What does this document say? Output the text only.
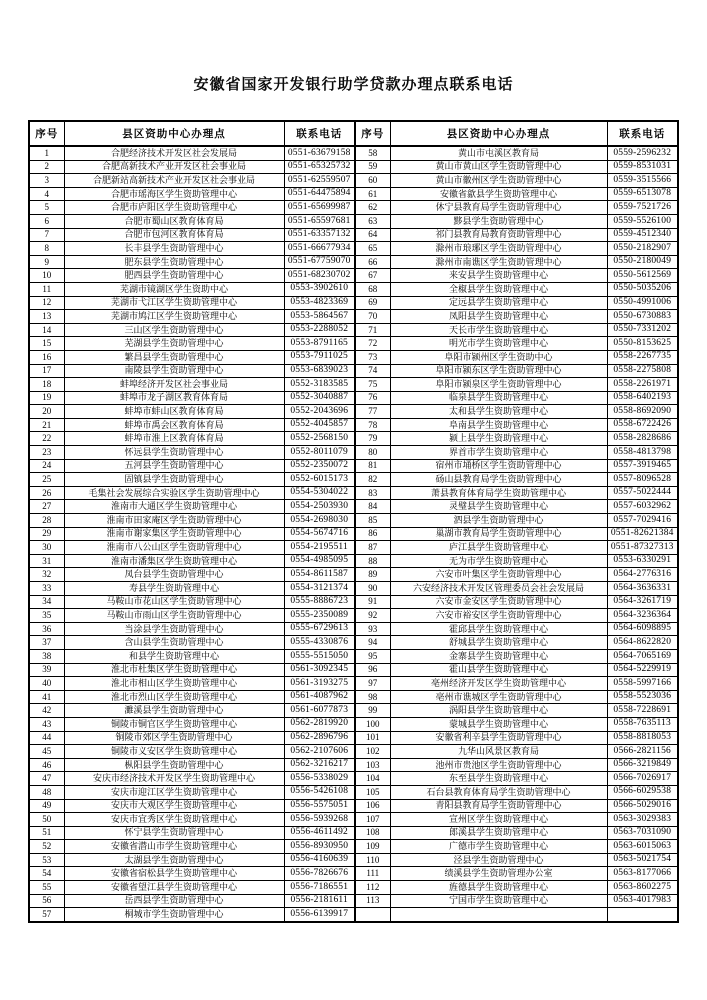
安徽省国家开发银行助学贷款办理点联系电话
序号	县区资助中心办理点	联系电话	序号	县区资助中心办理点	联系电话
1	合肥经济技术开发区社会发展局	0551-63679158	58	黄山市屯溪区教育局	0559-2596232
2	合肥高新技术产业开发区社会事业局	0551-65325732	59	黄山市黄山区学生资助管理中心	0559-8531031
3	合肥新站高新技术产业开发区社会事业局	0551-62559507	60	黄山市徽州区学生资助管理中心	0559-3515566
4	合肥市瑶海区学生资助管理中心	0551-64475894	61	安徽省歙县学生资助管理中心	0559-6513078
5	合肥市庐阳区学生资助管理中心	0551-65699987	62	休宁县教育局学生资助管理中心	0559-7521726
6	合肥市蜀山区教育体育局	0551-65597681	63	黟县学生资助管理中心	0559-5526100
7	合肥市包河区教育体育局	0551-63357132	64	祁门县教育局教育资助管理中心	0559-4512340
8	长丰县学生资助管理中心	0551-66677934	65	滁州市琅琊区学生资助管理中心	0550-2182907
9	肥东县学生资助管理中心	0551-67759070	66	滁州市南谯区学生资助管理中心	0550-2180049
10	肥西县学生资助管理中心	0551-68230702	67	来安县学生资助管理中心	0550-5612569
11	芜湖市镜湖区学生资助中心	0553-3902610	68	全椒县学生资助管理中心	0550-5035206
12	芜湖市弋江区学生资助管理中心	0553-4823369	69	定远县学生资助管理中心	0550-4991006
13	芜湖市鸠江区学生资助管理中心	0553-5864567	70	凤阳县学生资助管理中心	0550-6730883
14	三山区学生资助管理中心	0553-2288052	71	天长市学生资助管理中心	0550-7331202
15	芜湖县学生资助管理中心	0553-8791165	72	明光市学生资助管理中心	0550-8153625
16	繁昌县学生资助管理中心	0553-7911025	73	阜阳市颍州区学生资助中心	0558-2267735
17	南陵县学生资助管理中心	0553-6839023	74	阜阳市颍东区学生资助管理中心	0558-2275808
18	蚌埠经济开发区社会事业局	0552-3183585	75	阜阳市颍泉区学生资助管理中心	0558-2261971
19	蚌埠市龙子湖区教育体育局	0552-3040887	76	临泉县学生资助管理中心	0558-6402193
20	蚌埠市蚌山区教育体育局	0552-2043696	77	太和县学生资助管理中心	0558-8692090
21	蚌埠市禹会区教育体育局	0552-4045857	78	阜南县学生资助管理中心	0558-6722426
22	蚌埠市淮上区教育体育局	0552-2568150	79	颍上县学生资助管理中心	0558-2828686
23	怀远县学生资助管理中心	0552-8011079	80	界首市学生资助管理中心	0558-4813798
24	五河县学生资助管理中心	0552-2350072	81	宿州市埇桥区学生资助管理中心	0557-3919465
25	固镇县学生资助管理中心	0552-6015173	82	砀山县教育局学生资助管理中心	0557-8096528
26	毛集社会发展综合实验区学生资助管理中心	0554-5304022	83	萧县教育体育局学生资助管理中心	0557-5022444
27	淮南市大通区学生资助管理中心	0554-2503930	84	灵璧县学生资助管理中心	0557-6032962
28	淮南市田家庵区学生资助管理中心	0554-2698030	85	泗县学生资助管理中心	0557-7029416
29	淮南市谢家集区学生资助管理中心	0554-5674716	86	巢湖市教育局学生资助管理中心	0551-82621384
30	淮南市八公山区学生资助管理中心	0554-2195511	87	庐江县学生资助管理中心	0551-87327313
31	淮南市潘集区学生资助管理中心	0554-4985095	88	无为市学生资助管理中心	0553-6330291
32	凤台县学生资助管理中心	0554-8611587	89	六安市叶集区学生资助管理中心	0564-2776316
33	寿县学生资助管理中心	0554-3121374	90	六安经济技术开发区管理委员会社会发展局	0564-3636331
34	马鞍山市花山区学生资助管理中心	0555-8886723	91	六安市金安区学生资助管理中心	0564-3261719
35	马鞍山市雨山区学生资助管理中心	0555-2350089	92	六安市裕安区学生资助管理中心	0564-3236364
36	当涂县学生资助管理中心	0555-6729613	93	霍邱县学生资助管理中心	0564-6098895
37	含山县学生资助管理中心	0555-4330876	94	舒城县学生资助管理中心	0564-8622820
38	和县学生资助管理中心	0555-5515050	95	金寨县学生资助管理中心	0564-7065169
39	淮北市杜集区学生资助管理中心	0561-3092345	96	霍山县学生资助管理中心	0564-5229919
40	淮北市相山区学生资助管理中心	0561-3193275	97	亳州经济开发区学生资助管理中心	0558-5997166
41	淮北市烈山区学生资助管理中心	0561-4087962	98	亳州市谯城区学生资助管理中心	0558-5523036
42	濉溪县学生资助管理中心	0561-6077873	99	涡阳县学生资助管理中心	0558-7228691
43	铜陵市铜官区学生资助管理中心	0562-2819920	100	蒙城县学生资助管理中心	0558-7635113
44	铜陵市郊区学生资助管理中心	0562-2896796	101	安徽省利辛县学生资助管理中心	0558-8818053
45	铜陵市义安区学生资助管理中心	0562-2107606	102	九华山风景区教育局	0566-2821156
46	枞阳县学生资助管理中心	0562-3216217	103	池州市贵池区学生资助管理中心	0566-3219849
47	安庆市经济技术开发区学生资助管理中心	0556-5338029	104	东至县学生资助管理中心	0566-7026917
48	安庆市迎江区学生资助管理中心	0556-5426108	105	石台县教育体育局学生资助管理中心	0566-6029538
49	安庆市大观区学生资助管理中心	0556-5575051	106	青阳县教育局学生资助管理中心	0566-5029016
50	安庆市宜秀区学生资助管理中心	0556-5939268	107	宣州区学生资助管理中心	0563-3029383
51	怀宁县学生资助管理中心	0556-4611492	108	郎溪县学生资助管理中心	0563-7031090
52	安徽省潜山市学生资助管理中心	0556-8930950	109	广德市学生资助管理中心	0563-6015063
53	太湖县学生资助管理中心	0556-4160639	110	泾县学生资助管理中心	0563-5021754
54	安徽省宿松县学生资助管理中心	0556-7826676	111	绩溪县学生资助管理办公室	0563-8177066
55	安徽省望江县学生资助管理中心	0556-7186551	112	旌德县学生资助管理中心	0563-8602275
56	岳西县学生资助管理中心	0556-2181611	113	宁国市学生资助管理中心	0563-4017983
57	桐城市学生资助管理中心	0556-6139917			
